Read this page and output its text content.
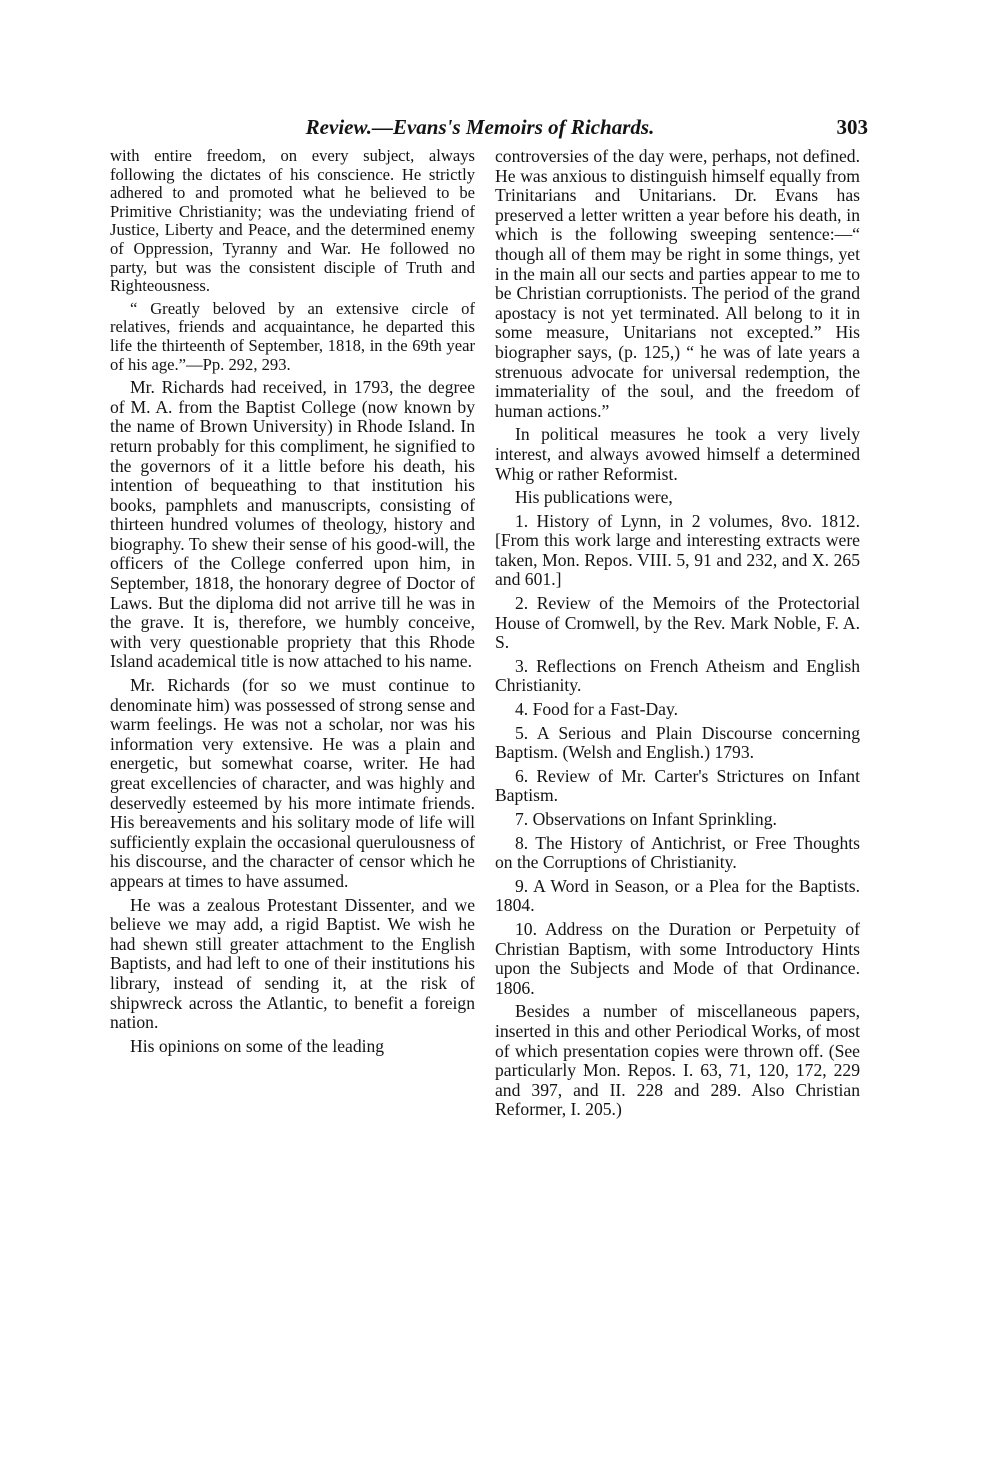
Review.—Evans's Memoirs of Richards.	303

with entire freedom, on every subject, always following the dictates of his conscience. He strictly adhered to and promoted what he believed to be Primitive Christianity; was the undeviating friend of Justice, Liberty and Peace, and the determined enemy of Oppression, Tyranny and War. He followed no party, but was the consistent disciple of Truth and Righteousness.

“ Greatly beloved by an extensive circle of relatives, friends and acquaintance, he departed this life the thirteenth of September, 1818, in the 69th year of his age.”—Pp. 292, 293.

Mr. Richards had received, in 1793, the degree of M. A. from the Baptist College (now known by the name of Brown University) in Rhode Island. In return probably for this compliment, he signified to the governors of it a little before his death, his intention of bequeathing to that institution his books, pamphlets and manuscripts, consisting of thirteen hundred volumes of theology, history and biography. To shew their sense of his good-will, the officers of the College conferred upon him, in September, 1818, the honorary degree of Doctor of Laws. But the diploma did not arrive till he was in the grave. It is, therefore, we humbly conceive, with very questionable propriety that this Rhode Island academical title is now attached to his name.

Mr. Richards (for so we must continue to denominate him) was possessed of strong sense and warm feelings. He was not a scholar, nor was his information very extensive. He was a plain and energetic, but somewhat coarse, writer. He had great excellencies of character, and was highly and deservedly esteemed by his more intimate friends. His bereavements and his solitary mode of life will sufficiently explain the occasional querulousness of his discourse, and the character of censor which he appears at times to have assumed.

He was a zealous Protestant Dissenter, and we believe we may add, a rigid Baptist. We wish he had shewn still greater attachment to the English Baptists, and had left to one of their institutions his library, instead of sending it, at the risk of shipwreck across the Atlantic, to benefit a foreign nation.

His opinions on some of the leading

controversies of the day were, perhaps, not defined. He was anxious to distinguish himself equally from Trinitarians and Unitarians. Dr. Evans has preserved a letter written a year before his death, in which is the following sweeping sentence:—“ though all of them may be right in some things, yet in the main all our sects and parties appear to me to be Christian corruptionists. The period of the grand apostacy is not yet terminated. All belong to it in some measure, Unitarians not excepted.” His biographer says, (p. 125,) “ he was of late years a strenuous advocate for universal redemption, the immateriality of the soul, and the freedom of human actions.”

In political measures he took a very lively interest, and always avowed himself a determined Whig or rather Reformist.

His publications were,

1. History of Lynn, in 2 volumes, 8vo. 1812. [From this work large and interesting extracts were taken, Mon. Repos. VIII. 5, 91 and 232, and X. 265 and 601.]

2. Review of the Memoirs of the Protectorial House of Cromwell, by the Rev. Mark Noble, F. A. S.

3. Reflections on French Atheism and English Christianity.

4. Food for a Fast-Day.

5. A Serious and Plain Discourse concerning Baptism. (Welsh and English.) 1793.

6. Review of Mr. Carter's Strictures on Infant Baptism.

7. Observations on Infant Sprinkling.

8. The History of Antichrist, or Free Thoughts on the Corruptions of Christianity.

9. A Word in Season, or a Plea for the Baptists. 1804.

10. Address on the Duration or Perpetuity of Christian Baptism, with some Introductory Hints upon the Subjects and Mode of that Ordinance. 1806.

Besides a number of miscellaneous papers, inserted in this and other Periodical Works, of most of which presentation copies were thrown off. (See particularly Mon. Repos. I. 63, 71, 120, 172, 229 and 397, and II. 228 and 289. Also Christian Reformer, I. 205.)
